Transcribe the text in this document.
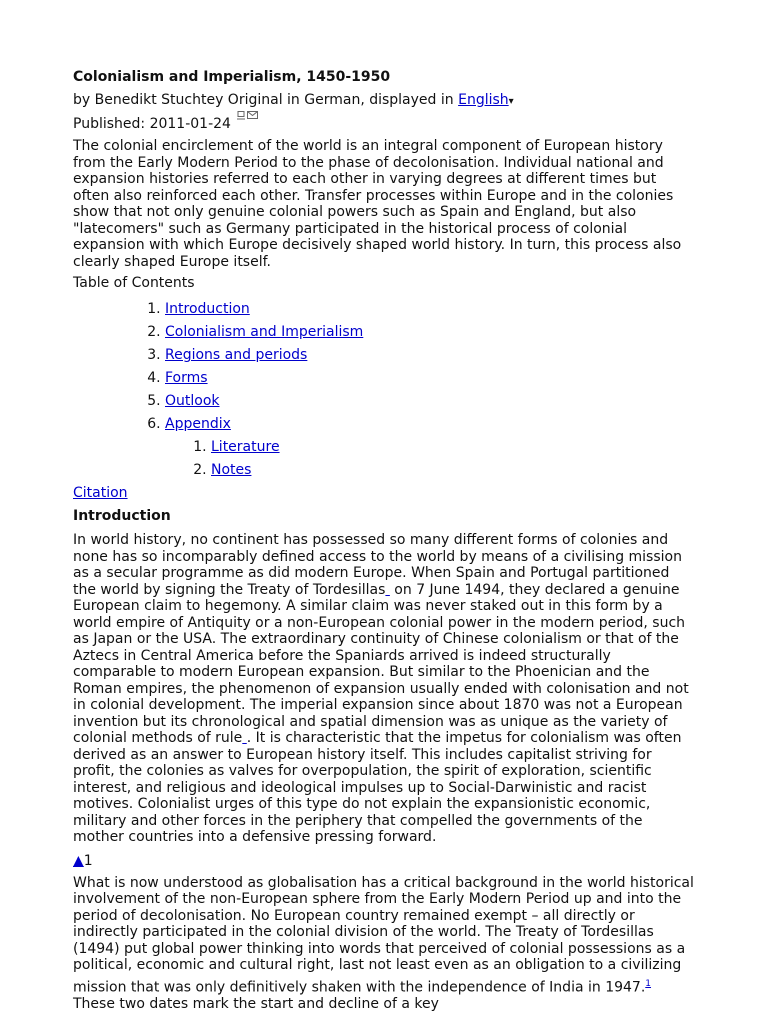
Colonialism and Imperialism, 1450-1950
by Benedikt Stuchtey Original in German, displayed in English▾
Published: 2011-01-24

The colonial encirclement of the world is an integral component of European history from the Early Modern Period to the phase of decolonisation. Individual national and expansion histories referred to each other in varying degrees at different times but often also reinforced each other. Transfer processes within Europe and in the colonies show that not only genuine colonial powers such as Spain and England, but also "latecomers" such as Germany participated in the historical process of colonial expansion with which Europe decisively shaped world history. In turn, this process also clearly shaped Europe itself.

Table of Contents
1. Introduction
2. Colonialism and Imperialism
3. Regions and periods
4. Forms
5. Outlook
6. Appendix
1. Literature
2. Notes
Citation
Introduction

In world history, no continent has possessed so many different forms of colonies and none has so incomparably defined access to the world by means of a civilising mission as a secular programme as did modern Europe. When Spain and Portugal partitioned the world by signing the Treaty of Tordesillas  on 7 June 1494, they declared a genuine European claim to hegemony. A similar claim was never staked out in this form by a world empire of Antiquity or a non-European colonial power in the modern period, such as Japan or the USA. The extraordinary continuity of Chinese colonialism or that of the Aztecs in Central America before the Spaniards arrived is indeed structurally comparable to modern European expansion. But similar to the Phoenician and the Roman empires, the phenomenon of expansion usually ended with colonisation and not in colonial development. The imperial expansion since about 1870 was not a European invention but its chronological and spatial dimension was as unique as the variety of colonial methods of rule . It is characteristic that the impetus for colonialism was often derived as an answer to European history itself. This includes capitalist striving for profit, the colonies as valves for overpopulation, the spirit of exploration, scientific interest, and religious and ideological impulses up to Social-Darwinistic and racist motives. Colonialist urges of this type do not explain the expansionistic economic, military and other forces in the periphery that compelled the governments of the mother countries into a defensive pressing forward.

▲1

What is now understood as globalisation has a critical background in the world historical involvement of the non-European sphere from the Early Modern Period up and into the period of decolonisation. No European country remained exempt – all directly or indirectly participated in the colonial division of the world. The Treaty of Tordesillas (1494) put global power thinking into words that perceived of colonial possessions as a political, economic and cultural right, last not least even as an obligation to a civilizing mission that was only definitively shaken with the independence of India in 1947.$^1$ These two dates mark the start and decline of a key
